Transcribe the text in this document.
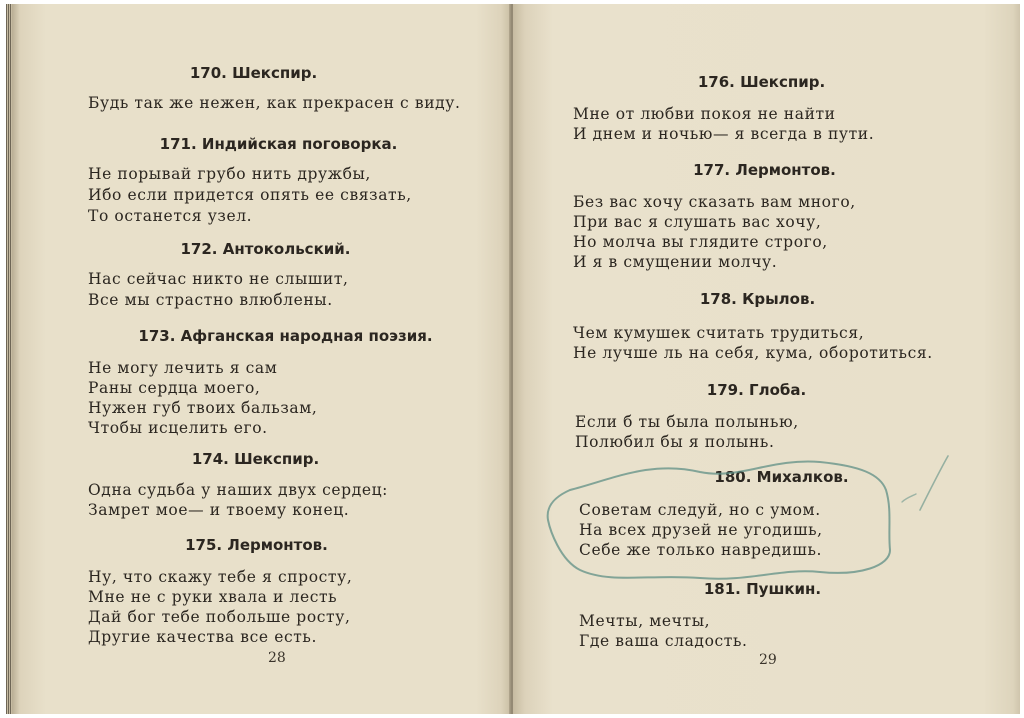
170. Шекспир.
Будь так же нежен, как прекрасен с виду.
171. Индийская поговорка.
Не порывай грубо нить дружбы,
Ибо если придется опять ее связать,
То останется узел.
172. Антокольский.
Нас сейчас никто не слышит,
Все мы страстно влюблены.
173. Афганская народная поэзия.
Не могу лечить я сам
Раны сердца моего,
Нужен губ твоих бальзам,
Чтобы исцелить его.
174. Шекспир.
Одна судьба у наших двух сердец:
Замрет мое— и твоему конец.
175. Лермонтов.
Ну, что скажу тебе я спросту,
Мне не с руки хвала и лесть
Дай бог тебе побольше росту,
Другие качества все есть.
28
176. Шекспир.
Мне от любви покоя не найти
И днем и ночью— я всегда в пути.
177. Лермонтов.
Без вас хочу сказать вам много,
При вас я слушать вас хочу,
Но молча вы глядите строго,
И я в смущении молчу.
178. Крылов.
Чем кумушек считать трудиться,
Не лучше ль на себя, кума, оборотиться.
179. Глоба.
Если б ты была полынью,
Полюбил бы я полынь.
180. Михалков.
Советам следуй, но с умом.
На всех друзей не угодишь,
Себе же только навредишь.
181. Пушкин.
Мечты, мечты,
Где ваша сладость.
29
